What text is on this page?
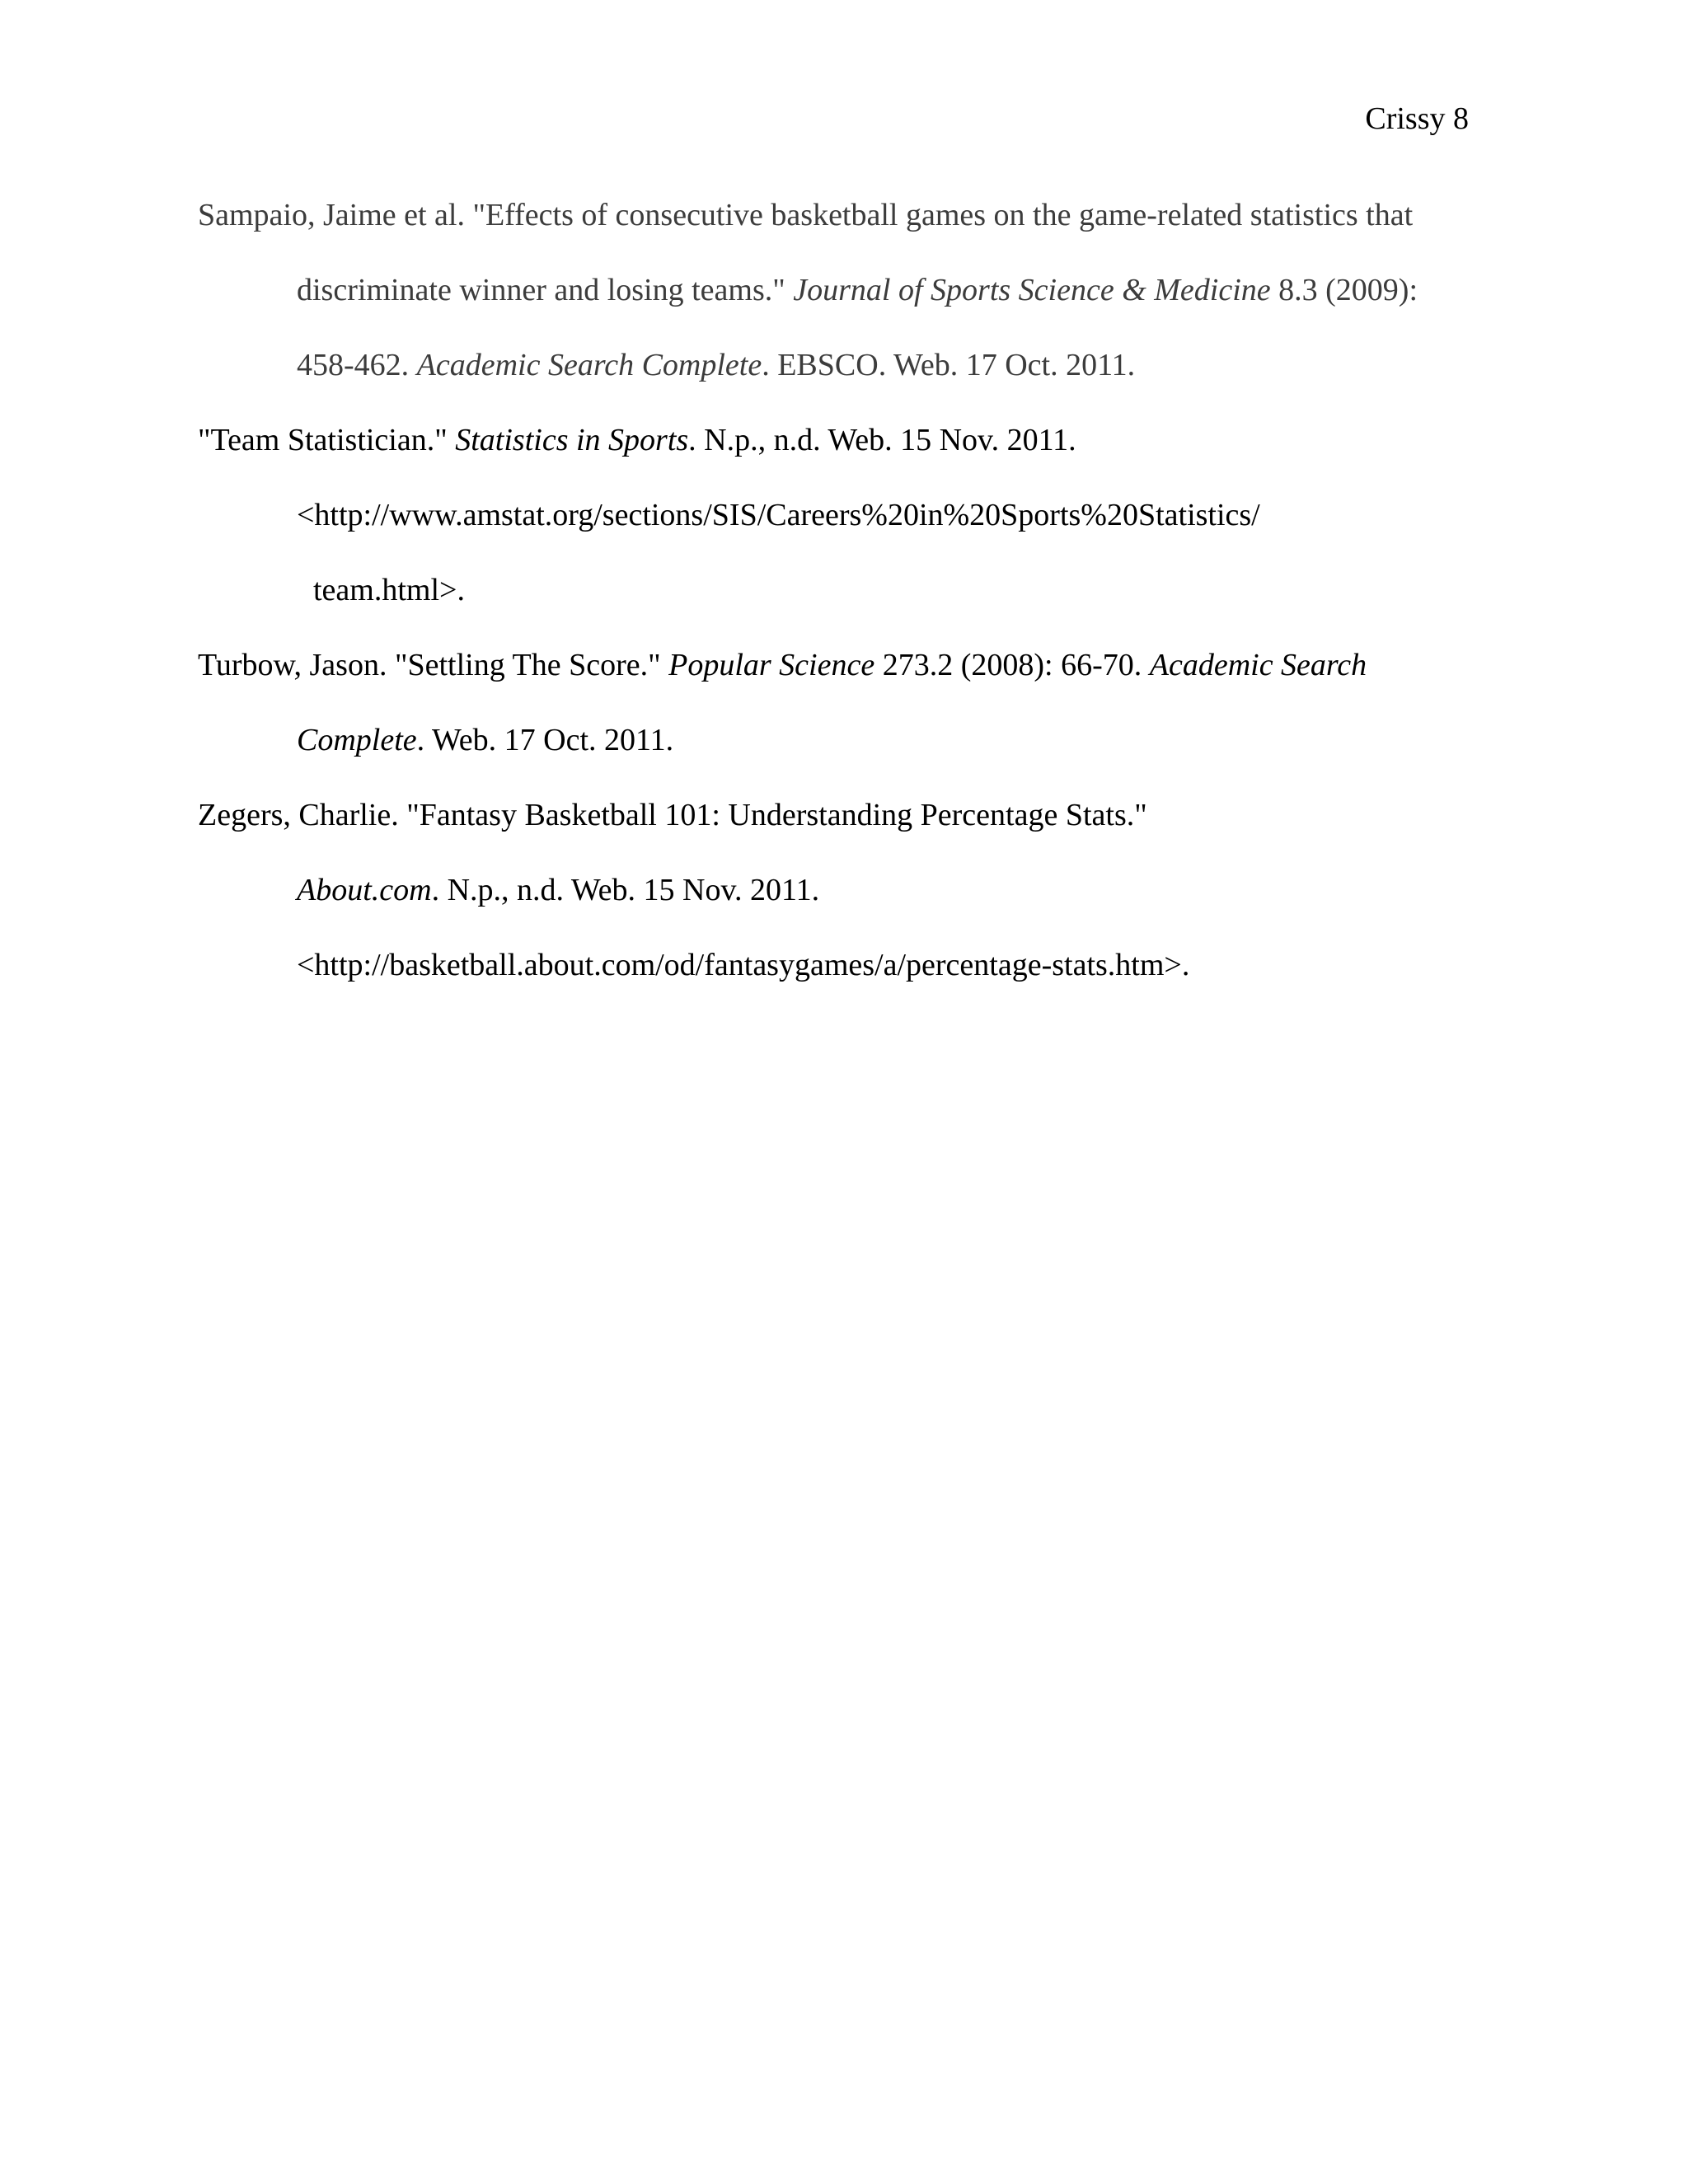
Crissy 8
Sampaio, Jaime et al. "Effects of consecutive basketball games on the game-related statistics that
discriminate winner and losing teams." Journal of Sports Science & Medicine 8.3 (2009):
458-462. Academic Search Complete. EBSCO. Web. 17 Oct. 2011.
"Team Statistician." Statistics in Sports. N.p., n.d. Web. 15 Nov. 2011.
<http://www.amstat.org/sections/SIS/Careers%20in%20Sports%20Statistics/
team.html>.
Turbow, Jason. "Settling The Score." Popular Science 273.2 (2008): 66-70. Academic Search
Complete. Web. 17 Oct. 2011.
Zegers, Charlie. "Fantasy Basketball 101: Understanding Percentage Stats."
About.com. N.p., n.d. Web. 15 Nov. 2011.
<http://basketball.about.com/od/fantasygames/a/percentage-stats.htm>.
